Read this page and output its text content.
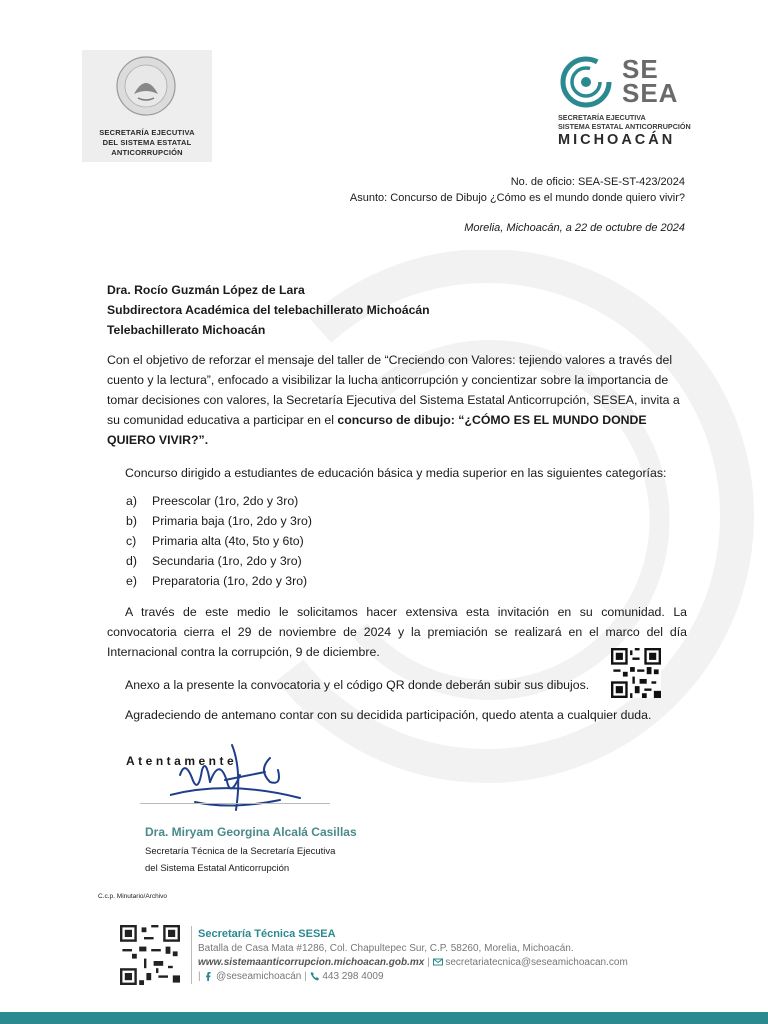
SECRETARÍA EJECUTIVA
DEL SISTEMA ESTATAL
ANTICORRUPCIÓN
SE
SEA
SECRETARÍA EJECUTIVA
SISTEMA ESTATAL ANTICORRUPCIÓN
MICHOACÁN
No. de oficio: SEA-SE-ST-423/2024
Asunto: Concurso de Dibujo ¿Cómo es el mundo donde quiero vivir?
Morelia, Michoacán, a 22 de octubre de 2024
Dra. Rocío Guzmán López de Lara
Subdirectora Académica del telebachillerato Michoácán
Telebachillerato Michoacán
Con el objetivo de reforzar el mensaje del taller de “Creciendo con Valores: tejiendo valores a través del cuento y la lectura”, enfocado a visibilizar la lucha anticorrupción y concientizar sobre la importancia de tomar decisiones con valores, la Secretaría Ejecutiva del Sistema Estatal Anticorrupción, SESEA, invita a su comunidad educativa a participar en el concurso de dibujo: “¿CÓMO ES EL MUNDO DONDE QUIERO VIVIR?”.
Concurso dirigido a estudiantes de educación básica y media superior en las siguientes categorías:
a) Preescolar (1ro, 2do y 3ro)
b) Primaria baja (1ro, 2do y 3ro)
c) Primaria alta (4to, 5to y 6to)
d) Secundaria (1ro, 2do y 3ro)
e) Preparatoria (1ro, 2do y 3ro)
A través de este medio le solicitamos hacer extensiva esta invitación en su comunidad. La convocatoria cierra el 29 de noviembre de 2024 y la premiación se realizará en el marco del día Internacional contra la corrupción, 9 de diciembre.
Anexo a la presente la convocatoria y el código QR donde deberán subir sus dibujos.
Agradeciendo de antemano contar con su decidida participación, quedo atenta a cualquier duda.
Atentamente
Dra. Miryam Georgina Alcalá Casillas
Secretaría Técnica de la Secretaría Ejecutiva
del Sistema Estatal Anticorrupción
C.c.p. Minutario/Archivo
Secretaría Técnica SESEA
Batalla de Casa Mata #1286, Col. Chapultepec Sur, C.P. 58260, Morelia, Michoacán.
www.sistemaanticorrupcion.michoacan.gob.mx |  secretariatecnica@seseamichoacan.com
|  @seseamichoacán |  443 298 4009
